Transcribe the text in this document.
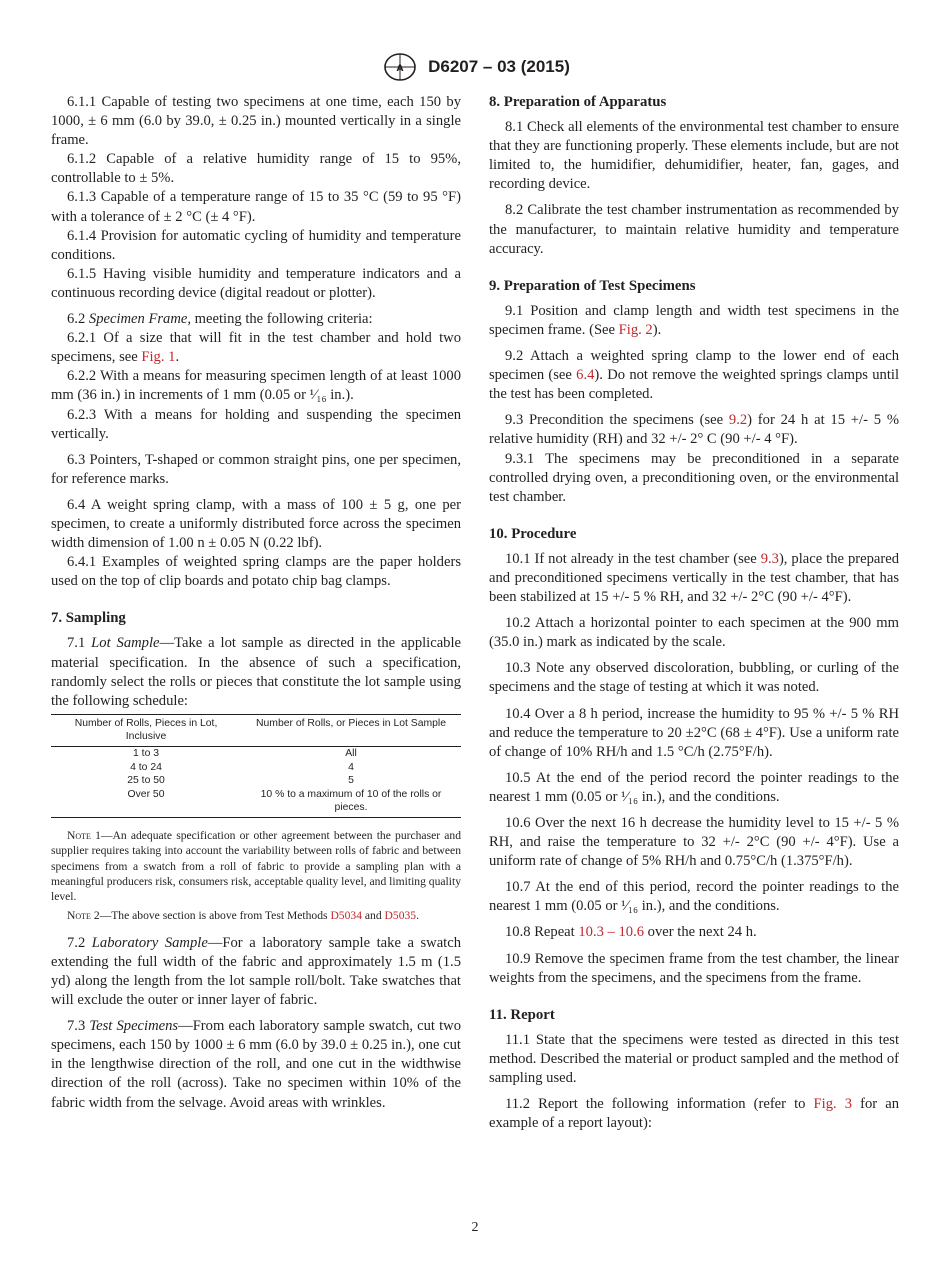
A D6207 – 03 (2015)

6.1.1 Capable of testing two specimens at one time, each 150 by 1000, ± 6 mm (6.0 by 39.0, ± 0.25 in.) mounted vertically in a single frame.

6.1.2 Capable of a relative humidity range of 15 to 95%, controllable to ± 5%.

6.1.3 Capable of a temperature range of 15 to 35 °C (59 to 95 °F) with a tolerance of ± 2 °C (± 4 °F).

6.1.4 Provision for automatic cycling of humidity and temperature conditions.

6.1.5 Having visible humidity and temperature indicators and a continuous recording device (digital readout or plotter).

6.2 Specimen Frame, meeting the following criteria:

6.2.1 Of a size that will fit in the test chamber and hold two specimens, see Fig. 1.

6.2.2 With a means for measuring specimen length of at least 1000 mm (36 in.) in increments of 1 mm (0.05 or ¹⁄₁₆ in.).

6.2.3 With a means for holding and suspending the specimen vertically.

6.3 Pointers, T-shaped or common straight pins, one per specimen, for reference marks.

6.4 A weight spring clamp, with a mass of 100 ± 5 g, one per specimen, to create a uniformly distributed force across the specimen width dimension of 1.00 n ± 0.05 N (0.22 lbf).

6.4.1 Examples of weighted spring clamps are the paper holders used on the top of clip boards and potato chip bag clamps.

7. Sampling

7.1 Lot Sample—Take a lot sample as directed in the applicable material specification. In the absence of such a specification, randomly select the rolls or pieces that constitute the lot sample using the following schedule:

Number of Rolls, Pieces in Lot, Inclusive	Number of Rolls, or Pieces in Lot Sample
1 to 3	All
4 to 24	4
25 to 50	5
Over 50	10 % to a maximum of 10 of the rolls or pieces.

Note 1—An adequate specification or other agreement between the purchaser and supplier requires taking into account the variability between rolls of fabric and between specimens from a swatch from a roll of fabric to provide a sampling plan with a meaningful producers risk, consumers risk, acceptable quality level, and limiting quality level.

Note 2—The above section is above from Test Methods D5034 and D5035.

7.2 Laboratory Sample—For a laboratory sample take a swatch extending the full width of the fabric and approximately 1.5 m (1.5 yd) along the length from the lot sample roll/bolt. Take swatches that will exclude the outer or inner layer of fabric.

7.3 Test Specimens—From each laboratory sample swatch, cut two specimens, each 150 by 1000 ± 6 mm (6.0 by 39.0 ± 0.25 in.), one cut in the lengthwise direction of the roll, and one cut in the widthwise direction of the roll (across). Take no specimen within 10% of the fabric width from the selvage. Avoid areas with wrinkles.

8. Preparation of Apparatus

8.1 Check all elements of the environmental test chamber to ensure that they are functioning properly. These elements include, but are not limited to, the humidifier, dehumidifier, heater, fan, gages, and recording device.

8.2 Calibrate the test chamber instrumentation as recommended by the manufacturer, to maintain relative humidity and temperature accuracy.

9. Preparation of Test Specimens

9.1 Position and clamp length and width test specimens in the specimen frame. (See Fig. 2).

9.2 Attach a weighted spring clamp to the lower end of each specimen (see 6.4). Do not remove the weighted springs clamps until the test has been completed.

9.3 Precondition the specimens (see 9.2) for 24 h at 15 +/- 5 % relative humidity (RH) and 32 +/- 2° C (90 +/- 4 °F).

9.3.1 The specimens may be preconditioned in a separate controlled drying oven, a preconditioning oven, or the environmental test chamber.

10. Procedure

10.1 If not already in the test chamber (see 9.3), place the prepared and preconditioned specimens vertically in the test chamber, that has been stabilized at 15 +/- 5 % RH, and 32 +/- 2°C (90 +/- 4°F).

10.2 Attach a horizontal pointer to each specimen at the 900 mm (35.0 in.) mark as indicated by the scale.

10.3 Note any observed discoloration, bubbling, or curling of the specimens and the stage of testing at which it was noted.

10.4 Over a 8 h period, increase the humidity to 95 % +/- 5 % RH and reduce the temperature to 20 ±2°C (68 ± 4°F). Use a uniform rate of change of 10% RH/h and 1.5 °C/h (2.75°F/h).

10.5 At the end of the period record the pointer readings to the nearest 1 mm (0.05 or ¹⁄₁₆ in.), and the conditions.

10.6 Over the next 16 h decrease the humidity level to 15 +/- 5 % RH, and raise the temperature to 32 +/- 2°C (90 +/- 4°F). Use a uniform rate of change of 5% RH/h and 0.75°C/h (1.375°F/h).

10.7 At the end of this period, record the pointer readings to the nearest 1 mm (0.05 or ¹⁄₁₆ in.), and the conditions.

10.8 Repeat 10.3 – 10.6 over the next 24 h.

10.9 Remove the specimen frame from the test chamber, the linear weights from the specimens, and the specimens from the frame.

11. Report

11.1 State that the specimens were tested as directed in this test method. Described the material or product sampled and the method of sampling used.

11.2 Report the following information (refer to Fig. 3 for an example of a report layout):

2
